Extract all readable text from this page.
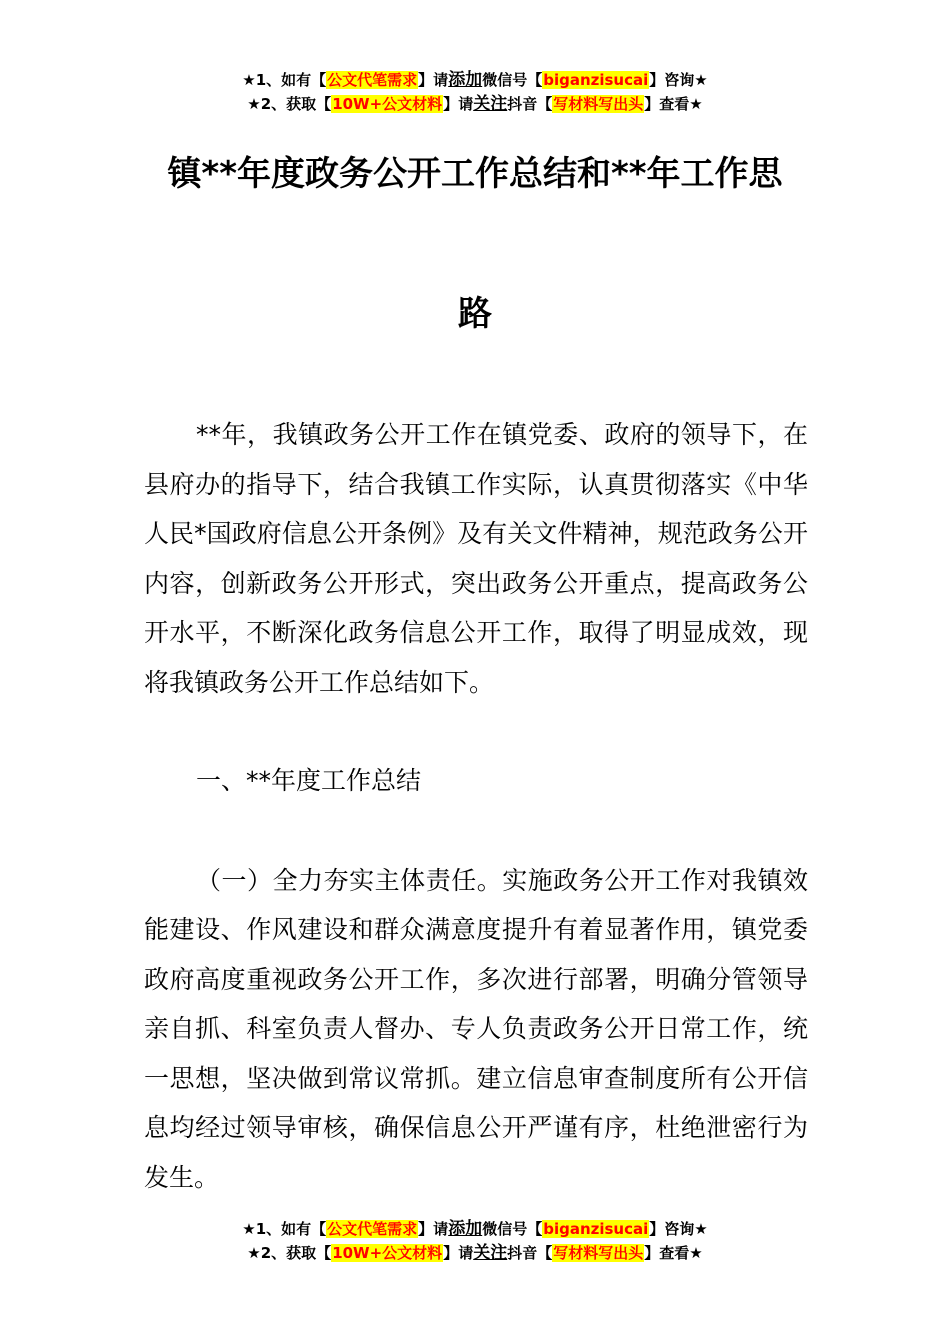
★1、如有【公文代笔需求】请添加微信号【biganzisucai】咨询★
★2、获取【10W+公文材料】请关注抖音【写材料写出头】查看★
镇**年度政务公开工作总结和**年工作思
路

**年，我镇政务公开工作在镇党委、政府的领导下，在县府办的指导下，结合我镇工作实际，认真贯彻落实《中华人民*国政府信息公开条例》及有关文件精神，规范政务公开内容，创新政务公开形式，突出政务公开重点，提高政务公开水平，不断深化政务信息公开工作，取得了明显成效，现将我镇政务公开工作总结如下。

一、**年度工作总结

（一）全力夯实主体责任。实施政务公开工作对我镇效能建设、作风建设和群众满意度提升有着显著作用，镇党委政府高度重视政务公开工作，多次进行部署，明确分管领导亲自抓、科室负责人督办、专人负责政务公开日常工作，统一思想，坚决做到常议常抓。建立信息审查制度所有公开信息均经过领导审核，确保信息公开严谨有序，杜绝泄密行为发生。

★1、如有【公文代笔需求】请添加微信号【biganzisucai】咨询★
★2、获取【10W+公文材料】请关注抖音【写材料写出头】查看★
